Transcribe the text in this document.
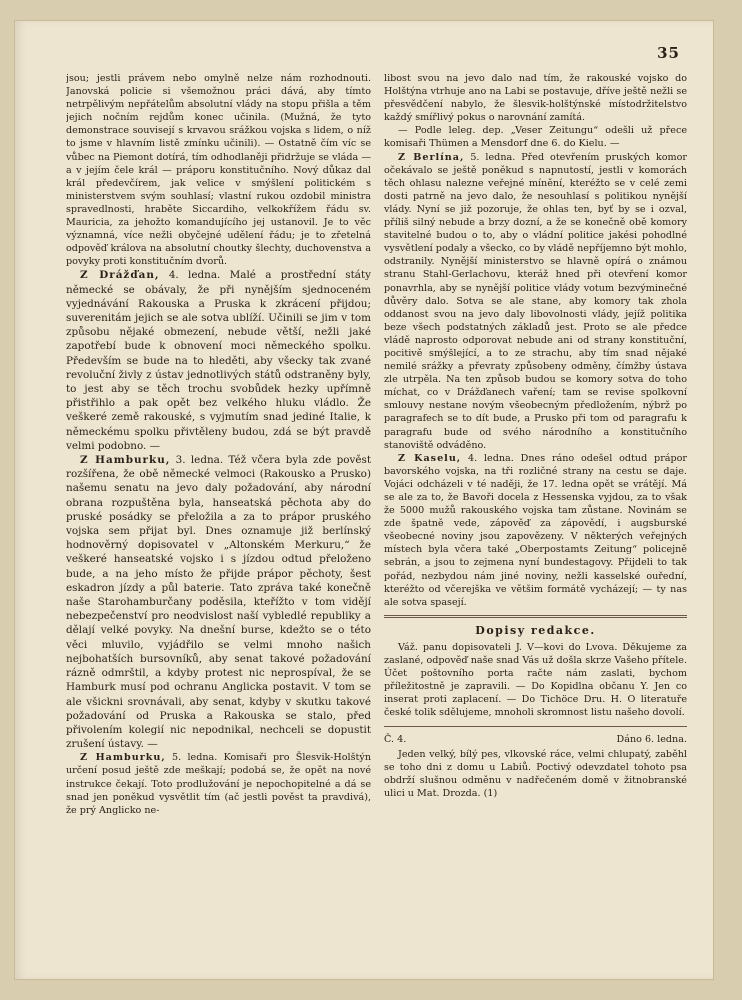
35

jsou; jestli právem nebo omylně nelze nám rozhodnouti. Janovská policie si všemožnou práci dává, aby tímto netrpělivým nepřátelům absolutní vlády na stopu přišla a těm jejich nočním rejdům konec učinila. (Mužná, že tyto demonstrace souvisejí s krvavou srážkou vojska s lidem, o níž to jsme v hlavním listě zmínku učinili). — Ostatně čím víc se vůbec na Piemont dotírá, tím odhodlaněji přidržuje se vláda — a v jejím čele král — práporu konstitučního. Nový důkaz dal král předevčírem, jak velice v smýšlení politickém s ministerstvem svým souhlasí; vlastní rukou ozdobil ministra spravedlnosti, hraběte Siccardiho, velkokřížem řádu sv. Mauricia, za jehožto komandujícího jej ustanovil. Je to věc významná, více nežli obyčejné udělení řádu; je to zřetelná odpověď králova na absolutní choutky šlechty, duchovenstva a povyky proti konstitučním dvorů.

Z Drážďan, 4. ledna. Malé a prostřední státy německé se obávaly, že při nynějším sjednoceném vyjednávání Rakouska a Pruska k zkrácení přijdou; suverenitám jejich se ale sotva ublíží. Učinili se jim v tom způsobu nějaké obmezení, nebude větší, nežli jaké zapotřebí bude k obnovení moci německého spolku. Především se bude na to hleděti, aby všecky tak zvané revoluční živly z ústav jednotlivých států odstraněny byly, to jest aby se těch trochu svobůdek hezky upřímně přistřihlo a pak opět bez velkého hluku vládlo. Že veškeré země rakouské, s vyjmutím snad jediné Italie, k německému spolku přivtěleny budou, zdá se být pravdě velmi podobno. —

Z Hamburku, 3. ledna. Též včera byla zde pověst rozšířena, že obě německé velmoci (Rakousko a Prusko) našemu senatu na jevo daly požadování, aby národní obrana rozpuštěna byla, hanseatská pěchota aby do pruské posádky se přeložila a za to prápor pruského vojska sem přijat byl. Dnes oznamuje již berlínský hodnověrný dopisovatel v „Altonském Merkuru,“ že veškeré hanseatské vojsko i s jízdou odtud přeloženo bude, a na jeho místo že přijde prápor pěchoty, šest eskadron jízdy a půl baterie. Tato zpráva také konečně naše Starohamburčany poděsila, kteřížto v tom vidějí nebezpečenství pro neodvislost naší vybledlé republiky a dělají velké povyky. Na dnešní burse, kdežto se o této věci mluvilo, vyjádřilo se velmi mnoho našich nejbohatších bursovníků, aby senat takové požadování rázně odmrštil, a kdyby protest nic neprospíval, že se Hamburk musí pod ochranu Anglicka postavit. V tom se ale všickni srovnávali, aby senat, kdyby v skutku takové požadování od Pruska a Rakouska se stalo, před přivolením kolegií nic nepodnikal, nechceli se dopustit zrušení ústavy. —

Z Hamburku, 5. ledna. Komisaři pro Šlesvik-Holštýn určení posud ještě zde meškají; podobá se, že opět na nové instrukce čekají. Toto prodlužování je nepochopitelné a dá se snad jen poněkud vysvětlit tím (ač jestli pověst ta pravdivá), že prý Anglicko ne-

libost svou na jevo dalo nad tím, že rakouské vojsko do Holštýna vtrhuje ano na Labi se postavuje, dříve ještě nežli se přesvědčení nabylo, že šlesvik-holštýnské místodržitelstvo každý smířlivý pokus o narovnání zamítá.

— Podle leleg. dep. „Veser Zeitungu“ odešli už přece komisaři Thümen a Mensdorf dne 6. do Kielu. —

Z Berlína, 5. ledna. Před otevřením pruských komor očekávalo se ještě poněkud s napnutostí, jestli v komorách těch ohlasu nalezne veřejné mínění, kteréžto se v celé zemi dosti patrně na jevo dalo, že nesouhlasí s politikou nynější vlády. Nyní se již pozoruje, že ohlas ten, byť by se i ozval, příliš silný nebude a brzy dozní, a že se konečně obě komory stavitelné budou o to, aby o vládní politice jakési pohodlné vysvětlení podaly a všecko, co by vládě nepříjemno být mohlo, odstranily. Nynější ministerstvo se hlavně opírá o známou stranu Stahl-Gerlachovu, kteráž hned při otevření komor ponavrhla, aby se nynější politice vlády votum bezvýminečné důvěry dalo. Sotva se ale stane, aby komory tak zhola oddanost svou na jevo daly libovolnosti vlády, jejíž politika beze všech podstatných základů jest. Proto se ale předce vládě naprosto odporovat nebude ani od strany konstituční, pocitivě smýšlející, a to ze strachu, aby tím snad nějaké nemilé srážky a převraty způsobeny odměny, čímžby ústava zle utrpěla. Na ten způsob budou se komory sotva do toho míchat, co v Drážďanech vaření; tam se revise spolkovní smlouvy nestane novým všeobecným předložením, nýbrž po paragrafech se to dít bude, a Prusko při tom od paragrafu k paragrafu bude od svého národního a konstitučního stanoviště odváděno.

Z Kaselu, 4. ledna. Dnes ráno odešel odtud prápor bavorského vojska, na tři rozličné strany na cestu se daje. Vojáci odcházeli v té naději, že 17. ledna opět se vrátějí. Má se ale za to, že Bavoři docela z Hessenska vyjdou, za to však že 5000 mužů rakouského vojska tam zůstane. Novinám se zde špatně vede, zápověď za zápovědí, i augsburské všeobecné noviny jsou zapovězeny. V některých veřejných místech byla včera také „Oberpostamts Zeitung“ policejně sebrán, a jsou to zejmena nyní bundestagovy. Přijdeli to tak pořád, nezbydou nám jiné noviny, nežli kasselské ouřední, kteréžto od včerejška ve většim formátě vycházejí; — ty nas ale sotva spasejí.

Dopisy redakce.

Váž. panu dopisovateli J. V—kovi do Lvova. Děkujeme za zaslané, odpověď naše snad Vás už došla skrze Vašeho přítele. Účet poštovního porta račte nám zaslati, bychom příležitostně je zapravili. — Do Kopidlna občanu Y. Jen co inserat proti zaplacení. — Do Tichöce Dru. H. O literatuře české tolik sdělujeme, mnoholi skromnost listu našeho dovolí.

Č. 4.	Dáno 6. ledna.

Jeden velký, bílý pes, vlkovské ráce, velmi chlupatý, zaběhl se toho dni z domu u Labiů. Poctivý odevzdatel tohoto psa obdrží slušnou odměnu v nadřečeném domě v žitnobranské ulici u Mat. Drozda. (1)
